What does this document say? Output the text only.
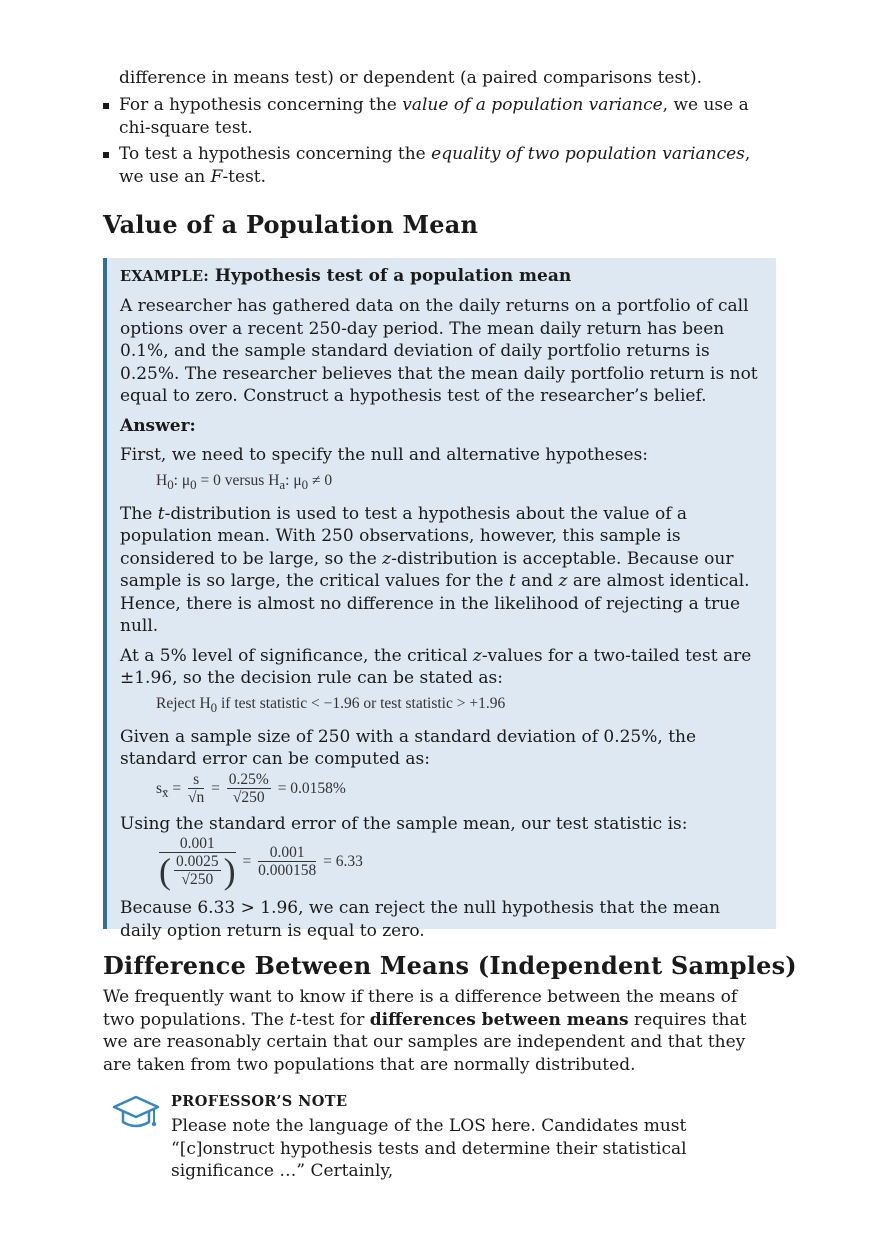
difference in means test) or dependent (a paired comparisons test).
For a hypothesis concerning the value of a population variance, we use a chi-square test.
To test a hypothesis concerning the equality of two population variances, we use an F-test.
Value of a Population Mean
EXAMPLE: Hypothesis test of a population mean

A researcher has gathered data on the daily returns on a portfolio of call options over a recent 250-day period. The mean daily return has been 0.1%, and the sample standard deviation of daily portfolio returns is 0.25%. The researcher believes that the mean daily portfolio return is not equal to zero. Construct a hypothesis test of the researcher’s belief.

Answer:

First, we need to specify the null and alternative hypotheses:

$H_0$: $\mu_0 = 0$ versus $H_a$: $\mu_0 \ne 0$

The t-distribution is used to test a hypothesis about the value of a population mean. With 250 observations, however, this sample is considered to be large, so the z-distribution is acceptable. Because our sample is so large, the critical values for the t and z are almost identical. Hence, there is almost no difference in the likelihood of rejecting a true null.

At a 5% level of significance, the critical z-values for a two-tailed test are ±1.96, so the decision rule can be stated as:

Reject $H_0$ if test statistic < −1.96 or test statistic > +1.96

Given a sample size of 250 with a standard deviation of 0.25%, the standard error can be computed as:

$s_{x̄} = \frac{s}{√n} = \frac{0.25\%}{√250} = 0.0158\%$

Using the standard error of the sample mean, our test statistic is:

$\frac{0.001}{( \frac{0.0025}{√250} )} = \frac{0.001}{0.000158} = 6.33$

Because 6.33 > 1.96, we can reject the null hypothesis that the mean daily option return is equal to zero.

Difference Between Means (Independent Samples)
We frequently want to know if there is a difference between the means of two populations. The t-test for differences between means requires that we are reasonably certain that our samples are independent and that they are taken from two populations that are normally distributed.
PROFESSOR’S NOTE
Please note the language of the LOS here. Candidates must “[c]onstruct hypothesis tests and determine their statistical significance …” Certainly,
